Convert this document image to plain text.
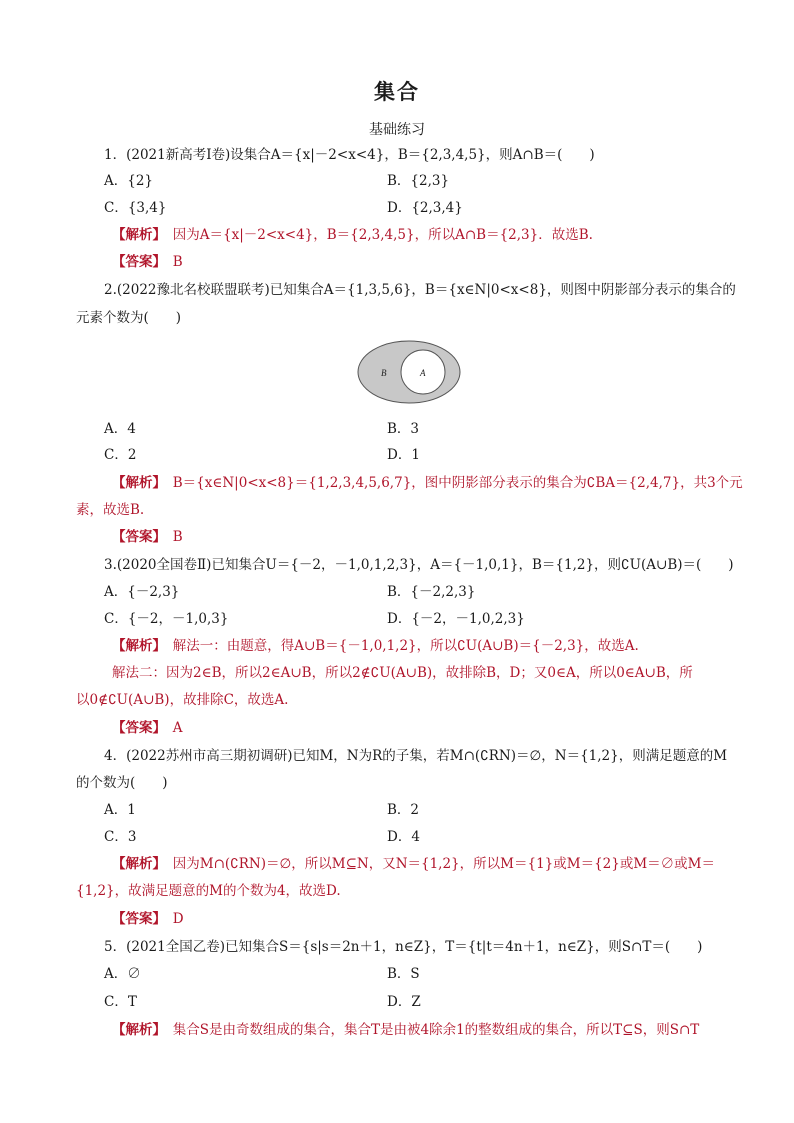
集合
基础练习
1．(2021新高考Ⅰ卷)设集合A＝{x|－2<x<4}，B＝{2,3,4,5}，则A∩B＝(　　)
A．{2}	B．{2,3}
C．{3,4}	D．{2,3,4}
【解析】　因为A＝{x|－2<x<4}，B＝{2,3,4,5}，所以A∩B＝{2,3}．故选B.
【答案】　B
2.(2022豫北名校联盟联考)已知集合A＝{1,3,5,6}，B＝{x∈N|0<x<8}，则图中阴影部分表示的集合的
元素个数为(　　)
A．4	B．3
C．2	D．1
【解析】　B＝{x∈N|0<x<8}＝{1,2,3,4,5,6,7}，图中阴影部分表示的集合为∁BA＝{2,4,7}，共3个元
素，故选B.
【答案】　B
3.(2020全国卷Ⅱ)已知集合U＝{－2，－1,0,1,2,3}，A＝{－1,0,1}，B＝{1,2}，则∁U(A∪B)＝(　　)
A．{－2,3}	B．{－2,2,3}
C．{－2，－1,0,3}	D．{－2，－1,0,2,3}
【解析】　解法一：由题意，得A∪B＝{－1,0,1,2}，所以∁U(A∪B)＝{－2,3}，故选A.
解法二：因为2∈B，所以2∈A∪B，所以2∉∁U(A∪B)，故排除B，D；又0∈A，所以0∈A∪B，所
以0∉∁U(A∪B)，故排除C，故选A.
【答案】　A
4．(2022苏州市高三期初调研)已知M，N为R的子集，若M∩(∁RN)＝∅，N＝{1,2}，则满足题意的M
的个数为(　　)
A．1	B．2
C．3	D．4
【解析】　因为M∩(∁RN)＝∅，所以M⊆N，又N＝{1,2}，所以M＝{1}或M＝{2}或M＝∅或M＝
{1,2}，故满足题意的M的个数为4，故选D.
【答案】　D
5．(2021全国乙卷)已知集合S＝{s|s＝2n＋1，n∈Z}，T＝{t|t＝4n＋1，n∈Z}，则S∩T＝(　　)
A．∅	B．S
C．T	D．Z
【解析】　集合S是由奇数组成的集合，集合T是由被4除余1的整数组成的集合，所以T⊆S，则S∩T
B	A
